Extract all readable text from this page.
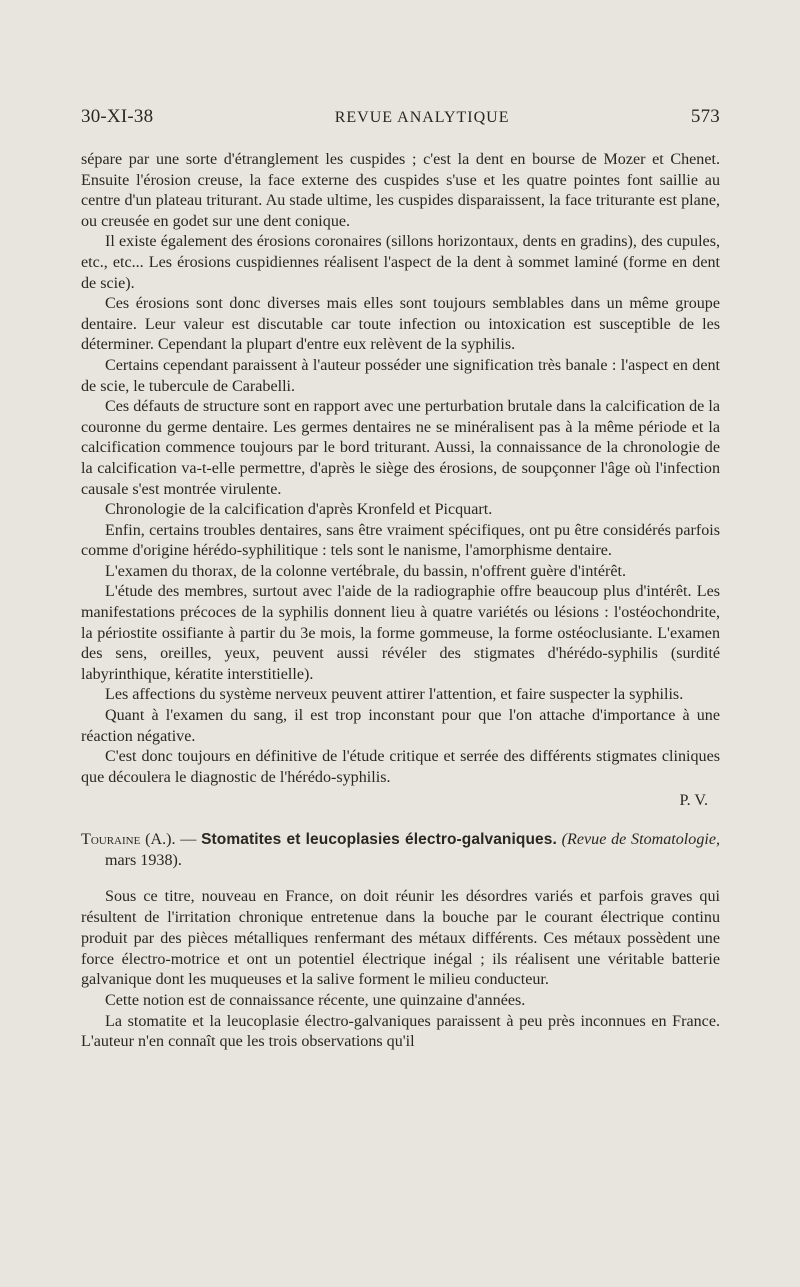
30-XI-38	REVUE ANALYTIQUE	573

sépare par une sorte d'étranglement les cuspides ; c'est la dent en bourse de Mozer et Chenet. Ensuite l'érosion creuse, la face externe des cuspides s'use et les quatre pointes font saillie au centre d'un plateau triturant. Au stade ultime, les cuspides disparaissent, la face triturante est plane, ou creusée en godet sur une dent conique.

Il existe également des érosions coronaires (sillons horizontaux, dents en gradins), des cupules, etc., etc... Les érosions cuspidiennes réalisent l'aspect de la dent à sommet laminé (forme en dent de scie).

Ces érosions sont donc diverses mais elles sont toujours semblables dans un même groupe dentaire. Leur valeur est discutable car toute infection ou intoxication est susceptible de les déterminer. Cependant la plupart d'entre eux relèvent de la syphilis.

Certains cependant paraissent à l'auteur posséder une signification très banale : l'aspect en dent de scie, le tubercule de Carabelli.

Ces défauts de structure sont en rapport avec une perturbation brutale dans la calcification de la couronne du germe dentaire. Les germes dentaires ne se minéralisent pas à la même période et la calcification commence toujours par le bord triturant. Aussi, la connaissance de la chronologie de la calcification va-t-elle permettre, d'après le siège des érosions, de soupçonner l'âge où l'infection causale s'est montrée virulente.

Chronologie de la calcification d'après Kronfeld et Picquart.

Enfin, certains troubles dentaires, sans être vraiment spécifiques, ont pu être considérés parfois comme d'origine hérédo-syphilitique : tels sont le nanisme, l'amorphisme dentaire.

L'examen du thorax, de la colonne vertébrale, du bassin, n'offrent guère d'intérêt.

L'étude des membres, surtout avec l'aide de la radiographie offre beaucoup plus d'intérêt. Les manifestations précoces de la syphilis donnent lieu à quatre variétés ou lésions : l'ostéochondrite, la périostite ossifiante à partir du 3e mois, la forme gommeuse, la forme ostéoclusiante. L'examen des sens, oreilles, yeux, peuvent aussi révéler des stigmates d'hérédo-syphilis (surdité labyrinthique, kératite interstitielle).

Les affections du système nerveux peuvent attirer l'attention, et faire suspecter la syphilis.

Quant à l'examen du sang, il est trop inconstant pour que l'on attache d'importance à une réaction négative.

C'est donc toujours en définitive de l'étude critique et serrée des différents stigmates cliniques que découlera le diagnostic de l'hérédo-syphilis.

P. V.
Touraine (A.). — Stomatites et leucoplasies électro-galvaniques. (Revue de Stomatologie, mars 1938).

Sous ce titre, nouveau en France, on doit réunir les désordres variés et parfois graves qui résultent de l'irritation chronique entretenue dans la bouche par le courant électrique continu produit par des pièces métalliques renfermant des métaux différents. Ces métaux possèdent une force électro-motrice et ont un potentiel électrique inégal ; ils réalisent une véritable batterie galvanique dont les muqueuses et la salive forment le milieu conducteur.

Cette notion est de connaissance récente, une quinzaine d'années.

La stomatite et la leucoplasie électro-galvaniques paraissent à peu près inconnues en France. L'auteur n'en connaît que les trois observations qu'il
